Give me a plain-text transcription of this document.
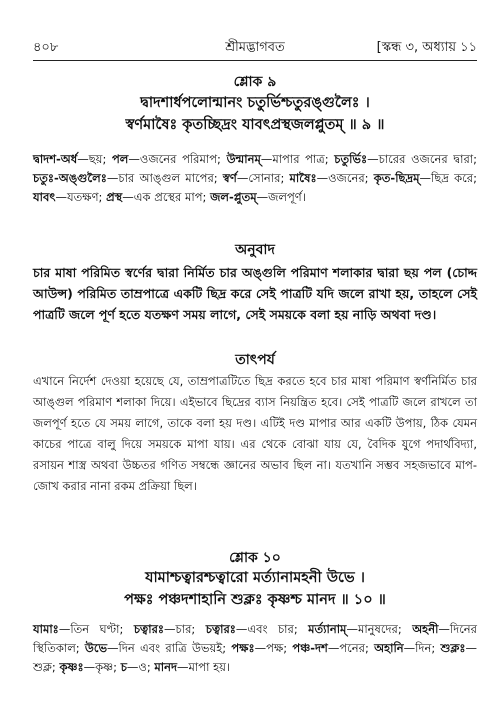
৪০৮	শ্রীমদ্ভাগবত	[স্কন্ধ ৩, অধ্যায় ১১
শ্লোক ৯

দ্বাদশার্ধপলোন্মানং চতুর্ভিশ্চতুরঙ্গুলৈঃ ।

স্বর্ণমাষৈঃ কৃতচ্ছিদ্রং যাবৎপ্রস্থজলপ্লুতম্ ॥ ৯ ॥

দ্বাদশ-অর্ধ—ছয়; পল—ওজনের পরিমাপ; উন্মানম্—মাপার পাত্র; চতুর্ভিঃ—চারের ওজনের দ্বারা; চতুঃ-অঙ্গুলৈঃ—চার আঙ্গুল মাপের; স্বর্ণ—সোনার; মাষৈঃ—ওজনের; কৃত-ছিদ্রম্—ছিদ্র করে; যাবৎ—যতক্ষণ; প্রস্থ—এক প্রস্থের মাপ; জল-প্লুতম্—জলপূর্ণ।
অনুবাদ
চার মাষা পরিমিত স্বর্ণের দ্বারা নির্মিত চার অঙ্গুলি পরিমাণ শলাকার দ্বারা ছয় পল (চোদ্দ আউন্স) পরিমিত তাম্রপাত্রে একটি ছিদ্র করে সেই পাত্রটি যদি জলে রাখা হয়, তাহলে সেই পাত্রটি জলে পূর্ণ হতে যতক্ষণ সময় লাগে, সেই সময়কে বলা হয় নাড়ি অথবা দণ্ড।
তাৎপর্য
এখানে নির্দেশ দেওয়া হয়েছে যে, তাম্রপাত্রটিতে ছিদ্র করতে হবে চার মাষা পরিমাণ স্বর্ণনির্মিত চার আঙ্গুল পরিমাণ শলাকা দিয়ে। এইভাবে ছিদ্রের ব্যাস নিয়ন্ত্রিত হবে। সেই পাত্রটি জলে রাখলে তা জলপূর্ণ হতে যে সময় লাগে, তাকে বলা হয় দণ্ড। এটিই দণ্ড মাপার আর একটি উপায়, ঠিক যেমন কাচের পাত্রে বালু দিয়ে সময়কে মাপা যায়। এর থেকে বোঝা যায় যে, বৈদিক যুগে পদার্থবিদ্যা, রসায়ন শাস্ত্র অথবা উচ্চতর গণিত সম্বন্ধে জ্ঞানের অভাব ছিল না। যতখানি সম্ভব সহজভাবে মাপ-জোখ করার নানা রকম প্রক্রিয়া ছিল।
শ্লোক ১০

যামাশ্চত্বারশ্চত্বারো মর্ত্যানামহনী উভে ।

পক্ষঃ পঞ্চদশাহানি শুক্লঃ কৃষ্ণশ্চ মানদ ॥ ১০ ॥

যামাঃ—তিন ঘণ্টা; চত্বারঃ—চার; চত্বারঃ—এবং চার; মর্ত্যানাম্—মানুষদের; অহনী—দিনের স্থিতিকাল; উভে—দিন এবং রাত্রি উভয়ই; পক্ষঃ—পক্ষ; পঞ্চ-দশ—পনের; অহানি—দিন; শুক্লঃ—শুক্ল; কৃষ্ণঃ—কৃষ্ণ; চ—ও; মানদ—মাপা হয়।
